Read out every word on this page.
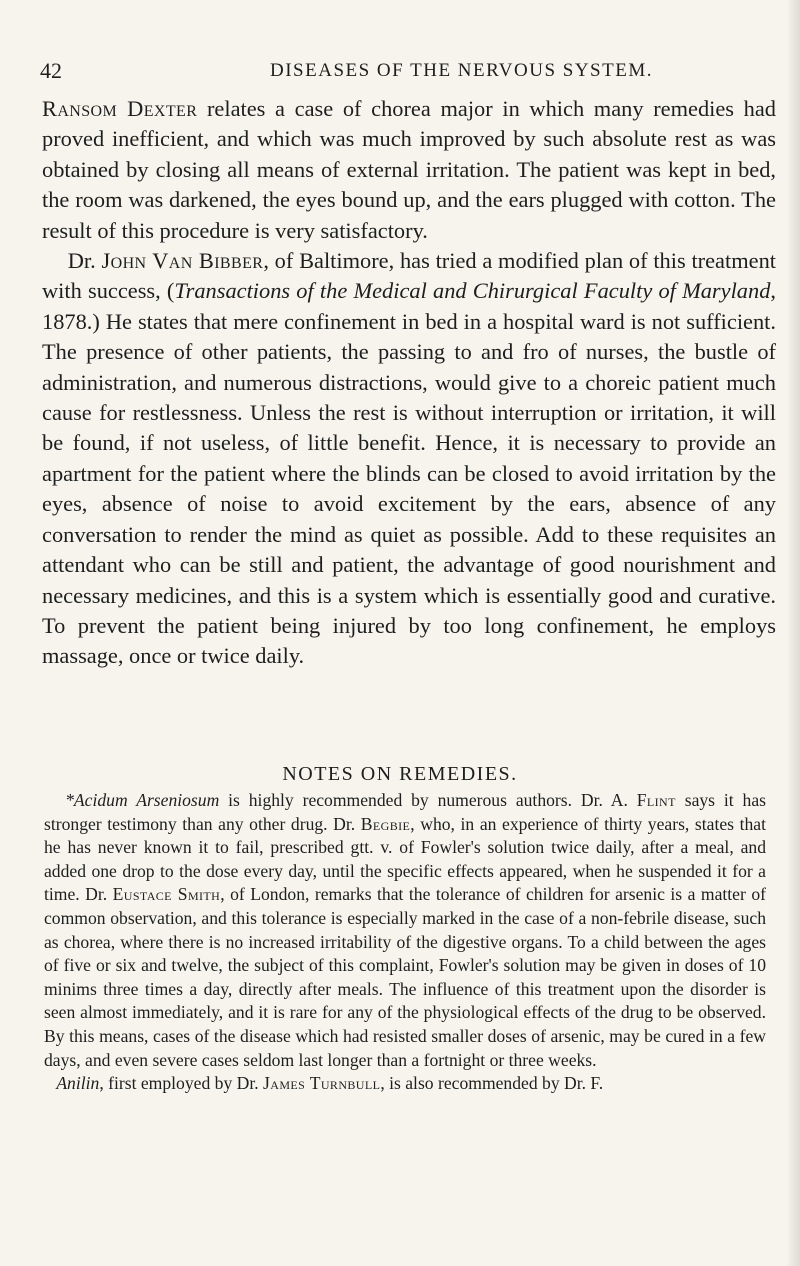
42	DISEASES OF THE NERVOUS SYSTEM.

Ransom Dexter relates a case of chorea major in which many remedies had proved inefficient, and which was much improved by such absolute rest as was obtained by closing all means of external irritation. The patient was kept in bed, the room was darkened, the eyes bound up, and the ears plugged with cotton. The result of this procedure is very satisfactory.

Dr. John Van Bibber, of Baltimore, has tried a modified plan of this treatment with success, (Transactions of the Medical and Chirurgical Faculty of Maryland, 1878.) He states that mere confinement in bed in a hospital ward is not sufficient. The presence of other patients, the passing to and fro of nurses, the bustle of administration, and numerous distractions, would give to a choreic patient much cause for restlessness. Unless the rest is without interruption or irritation, it will be found, if not useless, of little benefit. Hence, it is necessary to provide an apartment for the patient where the blinds can be closed to avoid irritation by the eyes, absence of noise to avoid excitement by the ears, absence of any conversation to render the mind as quiet as possible. Add to these requisites an attendant who can be still and patient, the advantage of good nourishment and necessary medicines, and this is a system which is essentially good and curative. To prevent the patient being injured by too long confinement, he employs massage, once or twice daily.

NOTES ON REMEDIES.

*Acidum Arseniosum is highly recommended by numerous authors. Dr. A. Flint says it has stronger testimony than any other drug. Dr. Begbie, who, in an experience of thirty years, states that he has never known it to fail, prescribed gtt. v. of Fowler's solution twice daily, after a meal, and added one drop to the dose every day, until the specific effects appeared, when he suspended it for a time. Dr. Eustace Smith, of London, remarks that the tolerance of children for arsenic is a matter of common observation, and this tolerance is especially marked in the case of a non-febrile disease, such as chorea, where there is no increased irritability of the digestive organs. To a child between the ages of five or six and twelve, the subject of this complaint, Fowler's solution may be given in doses of 10 minims three times a day, directly after meals. The influence of this treatment upon the disorder is seen almost immediately, and it is rare for any of the physiological effects of the drug to be observed. By this means, cases of the disease which had resisted smaller doses of arsenic, may be cured in a few days, and even severe cases seldom last longer than a fortnight or three weeks.

Anilin, first employed by Dr. James Turnbull, is also recommended by Dr. F.
